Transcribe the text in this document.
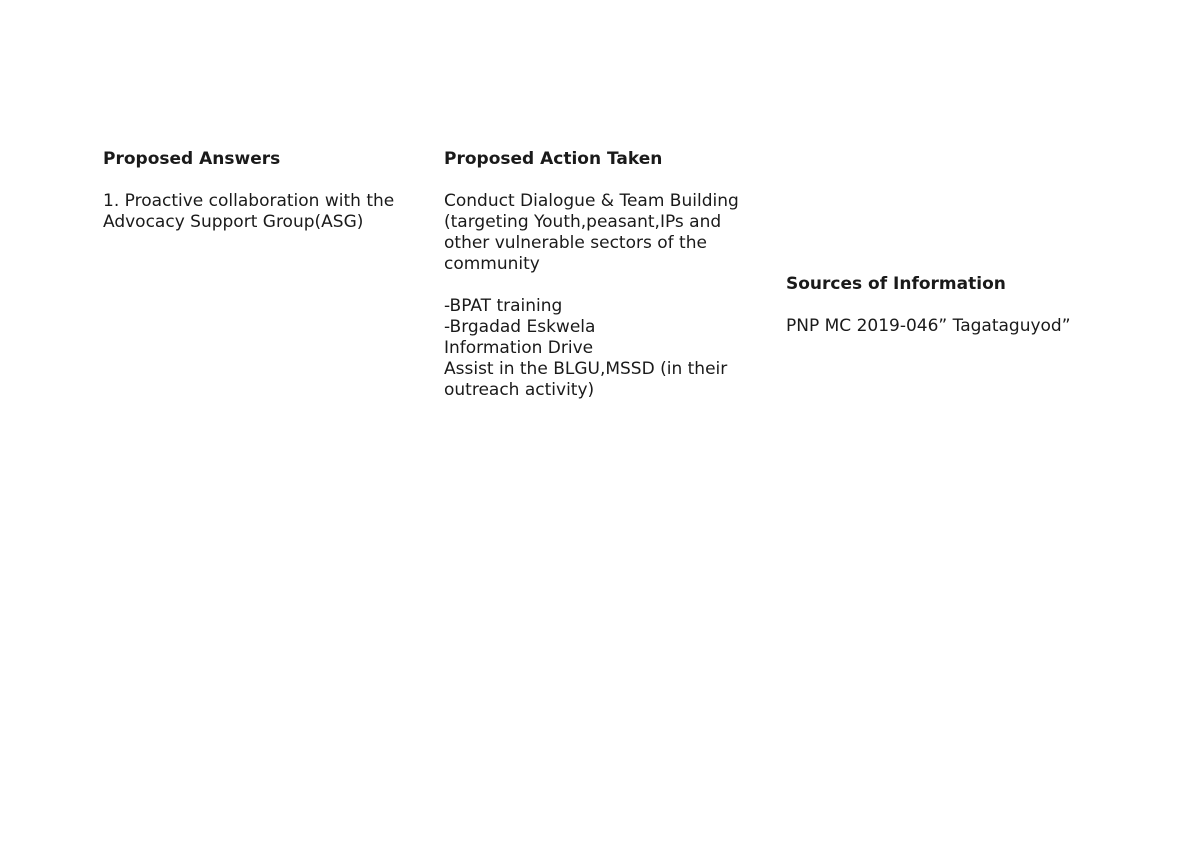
Proposed Answers

1. Proactive collaboration with the
Advocacy Support Group(ASG)

Proposed Action Taken

Conduct Dialogue & Team Building
(targeting Youth,peasant,IPs and
other vulnerable sectors of the
community
-BPAT training
-Brgadad Eskwela
Information Drive
Assist in the BLGU,MSSD (in their
outreach activity)

Sources of Information

PNP MC 2019-046” Tagataguyod”
